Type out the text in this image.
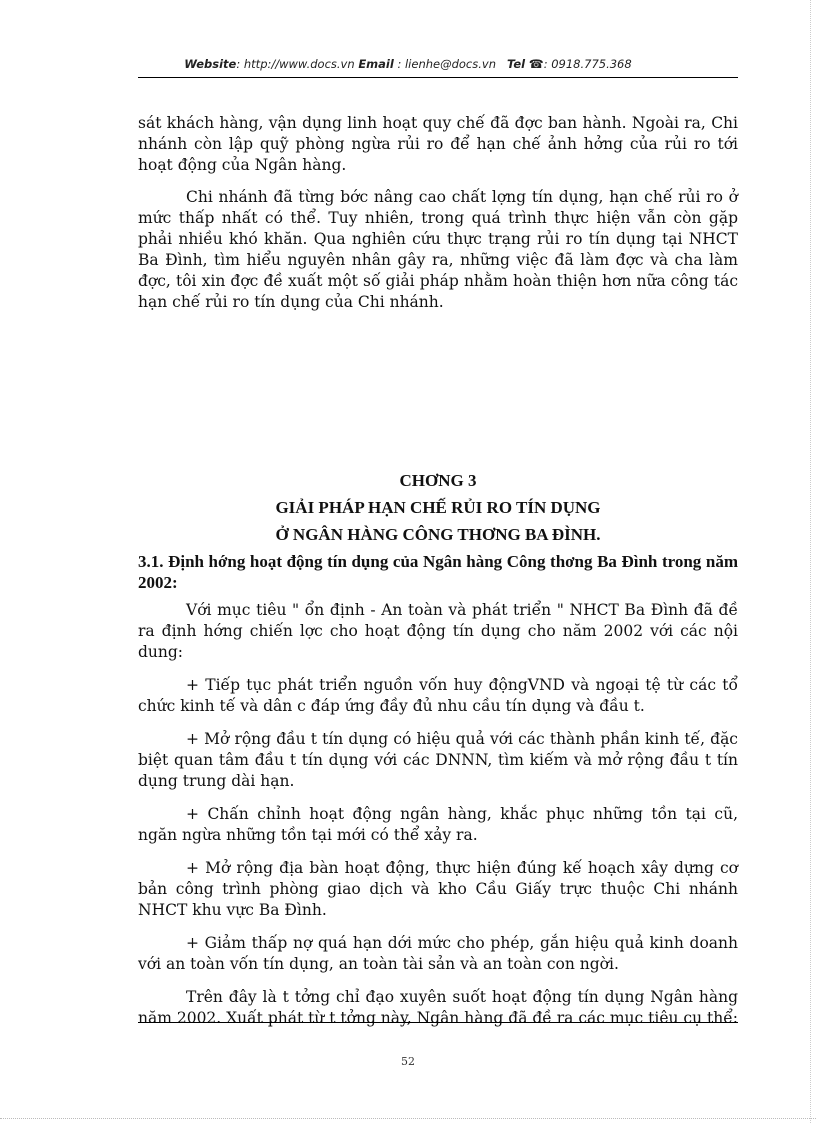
Website: http://www.docs.vn Email : lienhe@docs.vn Tel ☎: 0918.775.368

sát khách hàng, vận dụng linh hoạt quy chế đã đợc ban hành. Ngoài ra, Chi nhánh còn lập quỹ phòng ngừa rủi ro để hạn chế ảnh hởng của rủi ro tới hoạt động của Ngân hàng.

Chi nhánh đã từng bớc nâng cao chất lợng tín dụng, hạn chế rủi ro ở mức thấp nhất có thể. Tuy nhiên, trong quá trình thực hiện vẫn còn gặp phải nhiều khó khăn. Qua nghiên cứu thực trạng rủi ro tín dụng tại NHCT Ba Đình, tìm hiểu nguyên nhân gây ra, những việc đã làm đợc và cha làm đợc, tôi xin đợc đề xuất một số giải pháp nhằm hoàn thiện hơn nữa công tác hạn chế rủi ro tín dụng của Chi nhánh.

CHƠNG 3
GIẢI PHÁP HẠN CHẾ RỦI RO TÍN DỤNG
Ở NGÂN HÀNG CÔNG THƠNG BA ĐÌNH.
3.1. Định hớng hoạt động tín dụng của Ngân hàng Công thơng Ba Đình trong năm 2002:

Với mục tiêu " ổn định - An toàn và phát triển " NHCT Ba Đình đã đề ra định hớng chiến lợc cho hoạt động tín dụng cho năm 2002 với các nội dung:

+ Tiếp tục phát triển nguồn vốn huy độngVND và ngoại tệ từ các tổ chức kinh tế và dân c đáp ứng đầy đủ nhu cầu tín dụng và đầu t.

+ Mở rộng đầu t tín dụng có hiệu quả với các thành phần kinh tế, đặc biệt quan tâm đầu t tín dụng với các DNNN, tìm kiếm và mở rộng đầu t tín dụng trung dài hạn.

+ Chấn chỉnh hoạt động ngân hàng, khắc phục những tồn tại cũ, ngăn ngừa những tồn tại mới có thể xảy ra.

+ Mở rộng địa bàn hoạt động, thực hiện đúng kế hoạch xây dựng cơ bản công trình phòng giao dịch và kho Cầu Giấy trực thuộc Chi nhánh NHCT khu vực Ba Đình.

+ Giảm thấp nợ quá hạn dới mức cho phép, gắn hiệu quả kinh doanh với an toàn vốn tín dụng, an toàn tài sản và an toàn con ngời.

Trên đây là t tởng chỉ đạo xuyên suốt hoạt động tín dụng Ngân hàng năm 2002. Xuất phát từ t tởng này, Ngân hàng đã đề ra các mục tiêu cụ thể:

52
